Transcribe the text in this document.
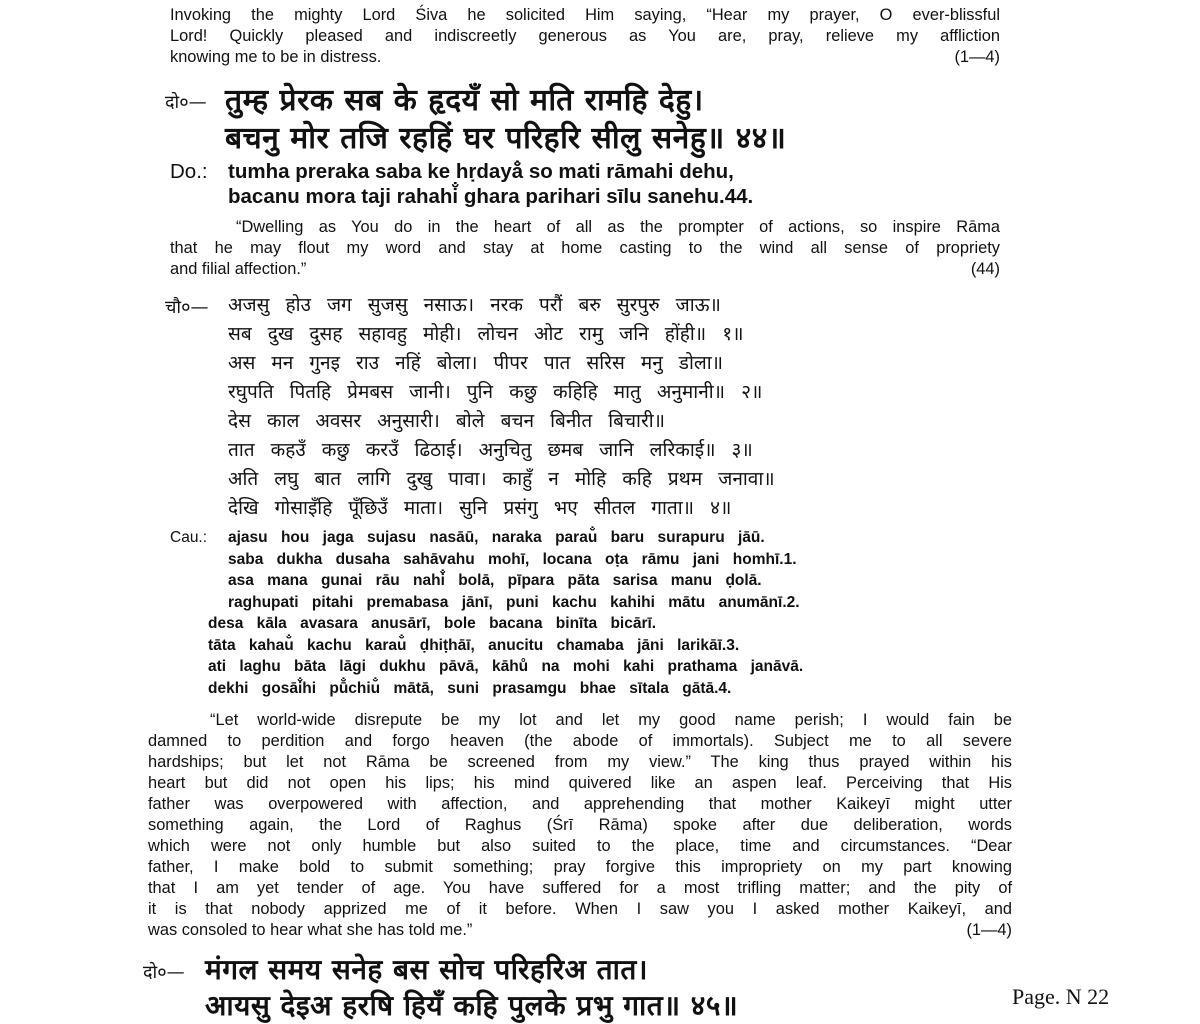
Invoking the mighty Lord Śiva he solicited Him saying, “Hear my prayer, O ever-blissful
Lord! Quickly pleased and indiscreetly generous as You are, pray, relieve my affliction
knowing me to be in distress.	(1—4)
दो०— तुम्ह प्रेरक सब के हृदयँ सो मति रामहि देहु।
बचनु मोर तजि रहहिं घर परिहरि सीलु सनेहु॥ ४४॥
Do.: tumha preraka saba ke hṛdayå̐ so mati rāmahi dehu,
bacanu mora taji rahahi̐ ghara parihari sīlu sanehu.44.
“Dwelling as You do in the heart of all as the prompter of actions, so inspire Rāma
that he may flout my word and stay at home casting to the wind all sense of propriety
and filial affection.”	(44)
चौ०— अजसु होउ जग सुजसु नसाऊ। नरक परौं बरु सुरपुरु जाऊ॥
सब दुख दुसह सहावहु मोही। लोचन ओट रामु जनि होंही॥ १॥
अस मन गुनइ राउ नहिं बोला। पीपर पात सरिस मनु डोला॥
रघुपति पितहि प्रेमबस जानी। पुनि कछु कहिहि मातु अनुमानी॥ २॥
देस काल अवसर अनुसारी। बोले बचन बिनीत बिचारी॥
तात कहउँ कछु करउँ ढिठाई। अनुचितु छमब जानि लरिकाई॥ ३॥
अति लघु बात लागि दुखु पावा। काहुँ न मोहि कहि प्रथम जनावा॥
देखि गोसाइँहि पूँछिउँ माता। सुनि प्रसंगु भए सीतल गाता॥ ४॥
Cau.: ajasu hou jaga sujasu nasāū, naraka parau̐ baru surapuru jāū.
saba dukha dusaha sahāvahu mohī, locana oṭa rāmu jani homhī.1.
asa mana gunai rāu nahi̐ bolā, pīpara pāta sarisa manu ḍolā.
raghupati pitahi premabasa jānī, puni kachu kahihi mātu anumānī.2.
desa kāla avasara anusārī, bole bacana binīta bicārī.
tāta kahau̐ kachu karau̐ ḍhiṭhāī, anucitu chamaba jāni larikāī.3.
ati laghu bāta lāgi dukhu pāvā, kāhů na mohi kahi prathama janāvā.
dekhi gosāi̐hi pū̐chiu̐ mātā, suni prasamgu bhae sītala gātā.4.
“Let world-wide disrepute be my lot and let my good name perish; I would fain be
damned to perdition and forgo heaven (the abode of immortals). Subject me to all severe
hardships; but let not Rāma be screened from my view.” The king thus prayed within his
heart but did not open his lips; his mind quivered like an aspen leaf. Perceiving that His
father was overpowered with affection, and apprehending that mother Kaikeyī might utter
something again, the Lord of Raghus (Śrī Rāma) spoke after due deliberation, words
which were not only humble but also suited to the place, time and circumstances. “Dear
father, I make bold to submit something; pray forgive this impropriety on my part knowing
that I am yet tender of age. You have suffered for a most trifling matter; and the pity of
it is that nobody apprized me of it before. When I saw you I asked mother Kaikeyī, and
was consoled to hear what she has told me.”	(1—4)
दो०— मंगल समय सनेह बस सोच परिहरिअ तात।
आयसु देइअ हरषि हियँ कहि पुलके प्रभु गात॥ ४५॥	Page. N 22
